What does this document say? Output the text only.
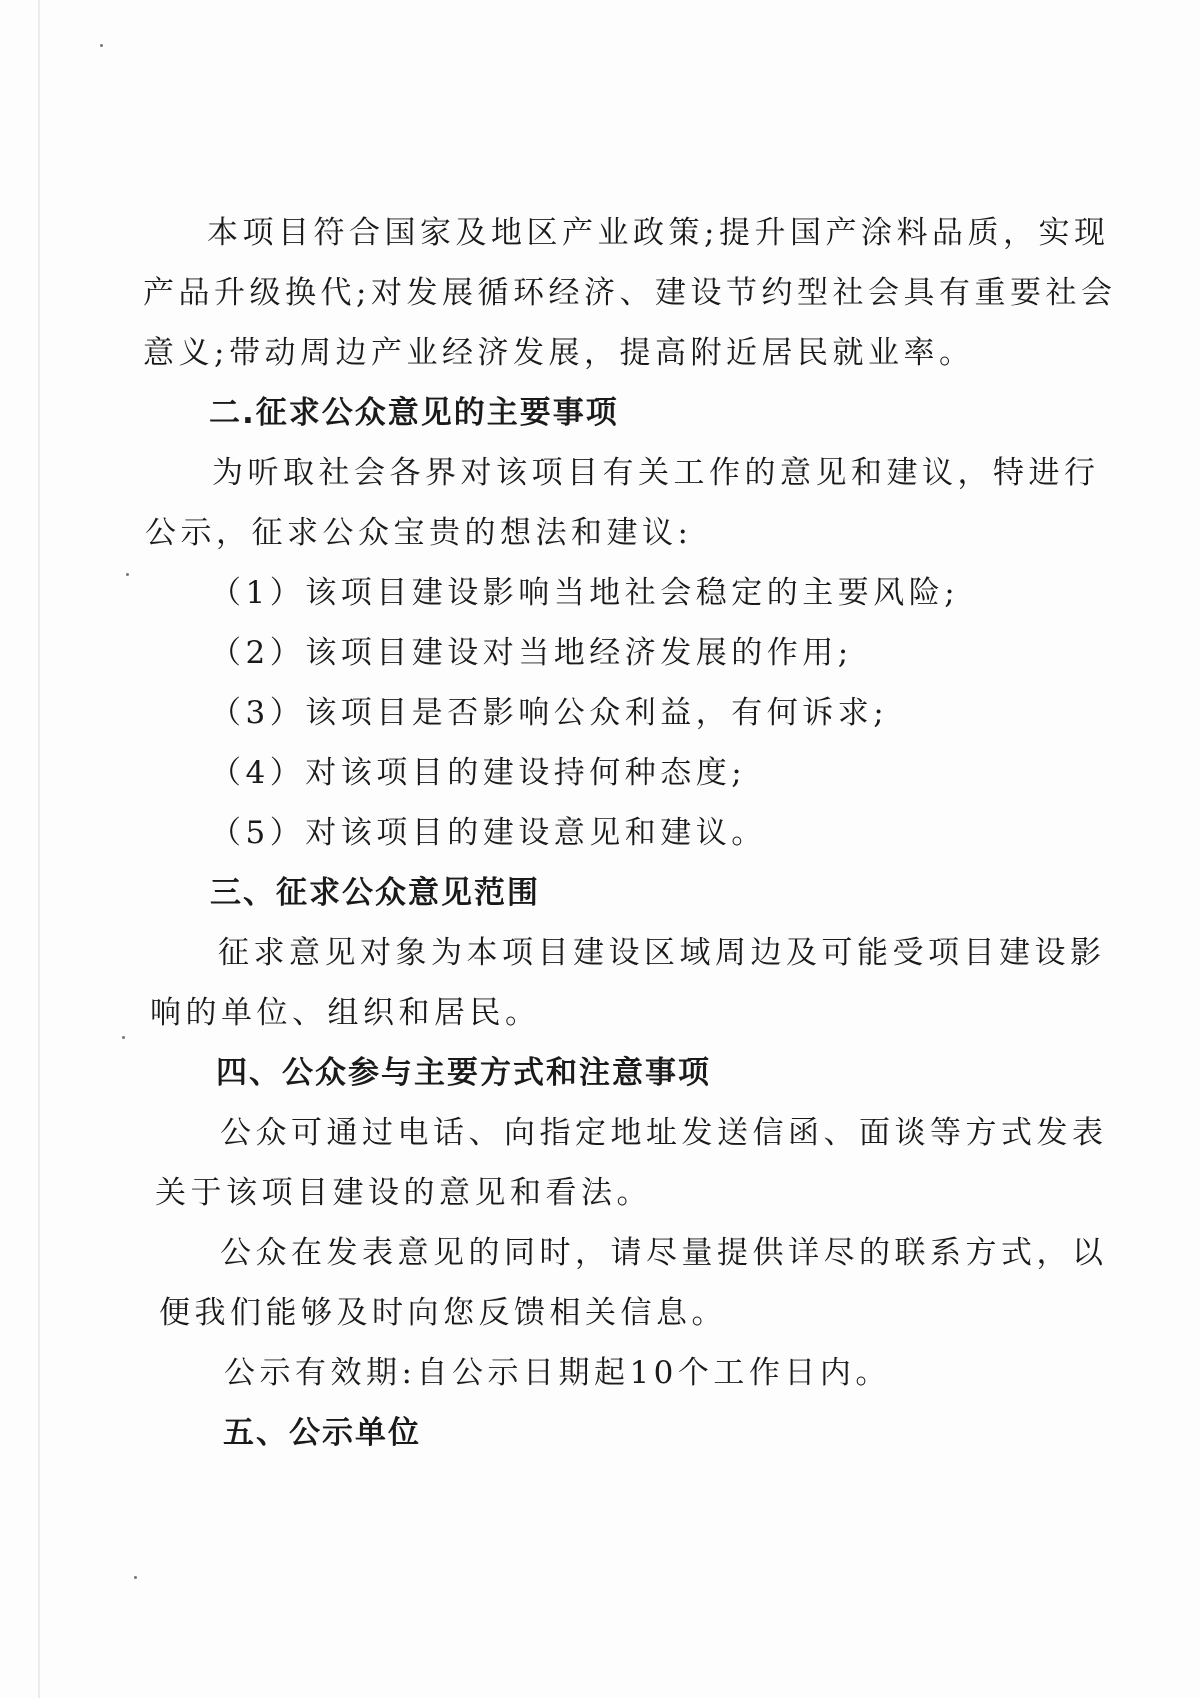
本项目符合国家及地区产业政策;提升国产涂料品质，实现
产品升级换代;对发展循环经济、建设节约型社会具有重要社会
意义;带动周边产业经济发展，提高附近居民就业率。
二.征求公众意见的主要事项
为听取社会各界对该项目有关工作的意见和建议，特进行
公示，征求公众宝贵的想法和建议:
（1）该项目建设影响当地社会稳定的主要风险;
（2）该项目建设对当地经济发展的作用;
（3）该项目是否影响公众利益，有何诉求;
（4）对该项目的建设持何种态度;
（5）对该项目的建设意见和建议。
三、征求公众意见范围
征求意见对象为本项目建设区域周边及可能受项目建设影
响的单位、组织和居民。
四、公众参与主要方式和注意事项
公众可通过电话、向指定地址发送信函、面谈等方式发表
关于该项目建设的意见和看法。
公众在发表意见的同时，请尽量提供详尽的联系方式，以
便我们能够及时向您反馈相关信息。
公示有效期:自公示日期起10个工作日内。
五、公示单位
